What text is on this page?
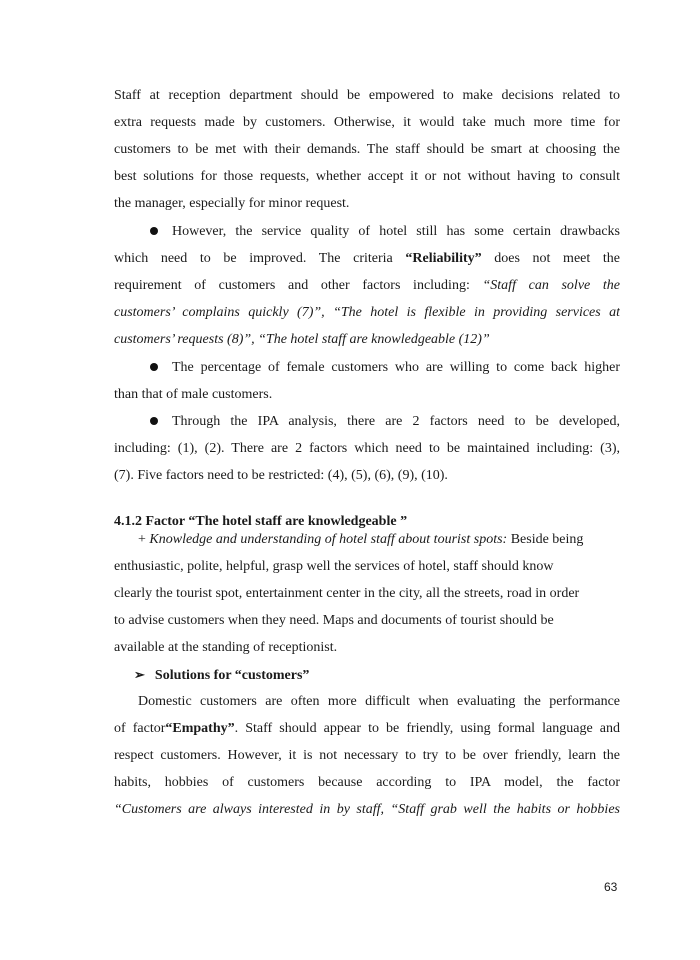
Staff at reception department should be empowered to make decisions related to
extra requests made by customers. Otherwise, it would take much more time for
customers to be met with their demands. The staff should be smart at choosing the
best solutions for those requests, whether accept it or not without having to consult
the manager, especially for minor request.
However, the service quality of hotel still has some certain drawbacks
which need to be improved. The criteria “Reliability” does not meet the
requirement of customers and other factors including: “Staff can solve the
customers’ complains quickly (7)”, “The hotel is flexible in providing services at
customers’ requests (8)”, “The hotel staff are knowledgeable (12)”
The percentage of female customers who are willing to come back higher
than that of male customers.
Through the IPA analysis, there are 2 factors need to be developed,
including: (1), (2). There are 2 factors which need to be maintained including: (3),
(7). Five factors need to be restricted: (4), (5), (6), (9), (10).
4.1.2 Factor “The hotel staff are knowledgeable ”
+ Knowledge and understanding of hotel staff about tourist spots: Beside being
enthusiastic, polite, helpful, grasp well the services of hotel, staff should know
clearly the tourist spot, entertainment center in the city, all the streets, road in order
to advise customers when they need. Maps and documents of tourist should be
available at the standing of receptionist.
➢ Solutions for “customers”
Domestic customers are often more difficult when evaluating the performance
of factor“Empathy”. Staff should appear to be friendly, using formal language and
respect customers. However, it is not necessary to try to be over friendly, learn the
habits, hobbies of customers because according to IPA model, the factor
“Customers are always interested in by staff, “Staff grab well the habits or hobbies
63
